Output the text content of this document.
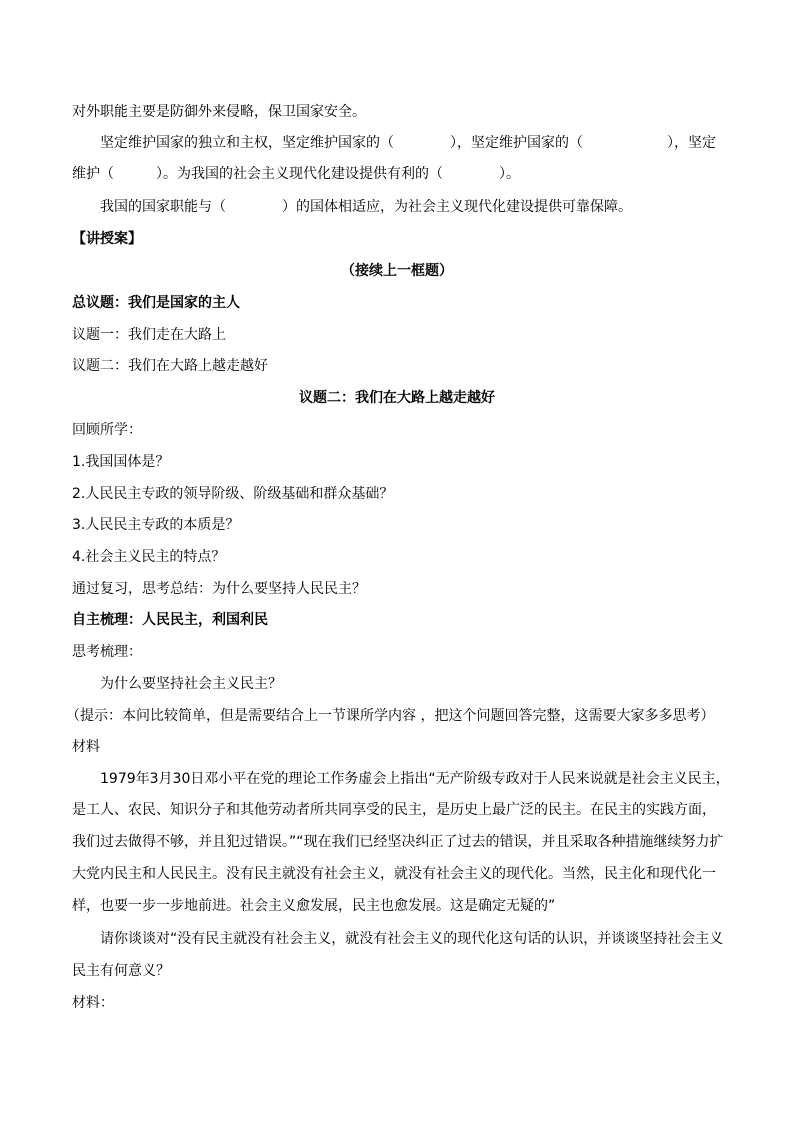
对外职能主要是防御外来侵略，保卫国家安全。
坚定维护国家的独立和主权，坚定维护国家的（　　　　），坚定维护国家的（　　　　　　），坚定
维护（　　　）。为我国的社会主义现代化建设提供有利的（　　　　）。
我国的国家职能与（　　　　）的国体相适应，为社会主义现代化建设提供可靠保障。
【讲授案】
（接续上一框题）
总议题：我们是国家的主人
议题一：我们走在大路上
议题二：我们在大路上越走越好
议题二：我们在大路上越走越好
回顾所学：
1.我国国体是？
2.人民民主专政的领导阶级、阶级基础和群众基础？
3.人民民主专政的本质是？
4.社会主义民主的特点？
通过复习，思考总结：为什么要坚持人民民主？
自主梳理：人民民主，利国利民
思考梳理：
为什么要坚持社会主义民主？
（提示：本问比较简单，但是需要结合上一节课所学内容 ，把这个问题回答完整，这需要大家多多思考）
材料
1979年3月30日邓小平在党的理论工作务虚会上指出“无产阶级专政对于人民来说就是社会主义民主，
是工人、农民、知识分子和其他劳动者所共同享受的民主，是历史上最广泛的民主。在民主的实践方面，
我们过去做得不够，并且犯过错误。”“现在我们已经坚决纠正了过去的错误，并且采取各种措施继续努力扩
大党内民主和人民民主。没有民主就没有社会主义，就没有社会主义的现代化。当然，民主化和现代化一
样，也要一步一步地前进。社会主义愈发展，民主也愈发展。这是确定无疑的”
请你谈谈对“没有民主就没有社会主义，就没有社会主义的现代化这句话的认识，并谈谈坚持社会主义
民主有何意义？
材料：
